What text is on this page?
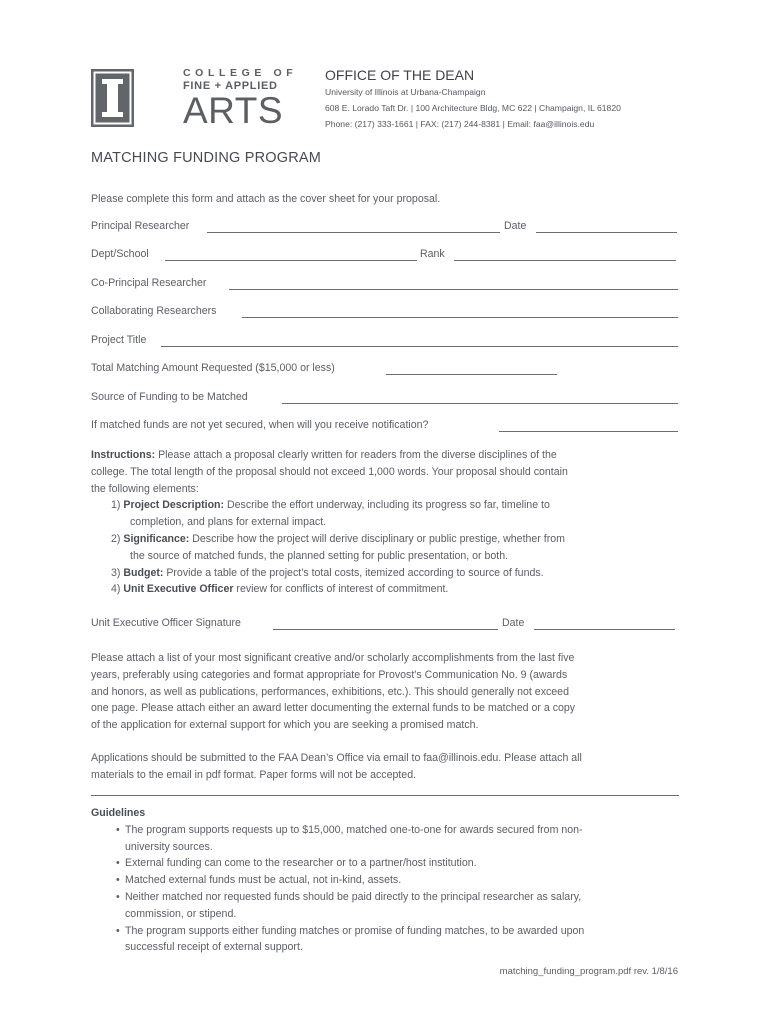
COLLEGE OF
FINE + APPLIED
ARTS
OFFICE OF THE DEAN
University of Illinois at Urbana-Champaign
608 E. Lorado Taft Dr. | 100 Architecture Bldg, MC 622 | Champaign, IL 61820
Phone: (217) 333-1661 | FAX: (217) 244-8381 | Email: faa@illinois.edu
MATCHING FUNDING PROGRAM
Please complete this form and attach as the cover sheet for your proposal.
Principal Researcher	Date
Dept/School	Rank
Co-Principal Researcher
Collaborating Researchers
Project Title
Total Matching Amount Requested ($15,000 or less)
Source of Funding to be Matched
If matched funds are not yet secured, when will you receive notification?

Instructions: Please attach a proposal clearly written for readers from the diverse disciplines of the

college. The total length of the proposal should not exceed 1,000 words. Your proposal should contain

the following elements:

1) Project Description: Describe the effort underway, including its progress so far, timeline to

completion, and plans for external impact.

2) Significance: Describe how the project will derive disciplinary or public prestige, whether from

the source of matched funds, the planned setting for public presentation, or both.

3) Budget: Provide a table of the project’s total costs, itemized according to source of funds.

4) Unit Executive Officer review for conflicts of interest of commitment.

Unit Executive Officer Signature	Date

Please attach a list of your most significant creative and/or scholarly accomplishments from the last five

years, preferably using categories and format appropriate for Provost’s Communication No. 9 (awards

and honors, as well as publications, performances, exhibitions, etc.). This should generally not exceed

one page. Please attach either an award letter documenting the external funds to be matched or a copy

of the application for external support for which you are seeking a promised match.

Applications should be submitted to the FAA Dean’s Office via email to faa@illinois.edu. Please attach all

materials to the email in pdf format. Paper forms will not be accepted.

Guidelines
• The program supports requests up to $15,000, matched one-to-one for awards secured from non-
university sources.
• External funding can come to the researcher or to a partner/host institution.
• Matched external funds must be actual, not in-kind, assets.
• Neither matched nor requested funds should be paid directly to the principal researcher as salary,
commission, or stipend.
• The program supports either funding matches or promise of funding matches, to be awarded upon
successful receipt of external support.
matching_funding_program.pdf rev. 1/8/16
